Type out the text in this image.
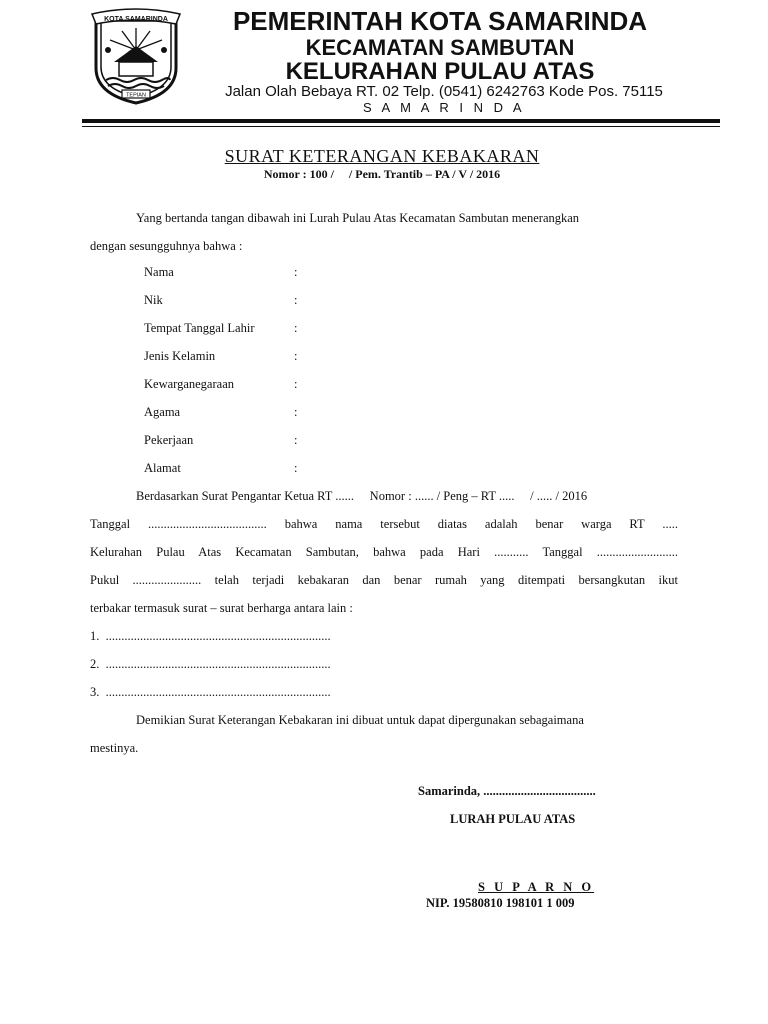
KOTA SAMARINDA
TEPIAN
PEMERINTAH KOTA SAMARINDA
KECAMATAN SAMBUTAN
KELURAHAN PULAU ATAS
Jalan Olah Bebaya RT. 02 Telp. (0541) 6242763 Kode Pos. 75115
S A M A R I N D A
SURAT KETERANGAN KEBAKARAN
Nomor : 100 /     / Pem. Trantib – PA / V / 2016
Yang bertanda tangan dibawah ini Lurah Pulau Atas Kecamatan Sambutan menerangkan
dengan sesungguhnya bahwa :
Nama	:
Nik	:
Tempat Tanggal Lahir	:
Jenis Kelamin	:
Kewarganegaraan	:
Agama	:
Pekerjaan	:
Alamat	:
Berdasarkan Surat Pengantar Ketua RT ......     Nomor : ...... / Peng – RT .....     / ..... / 2016
Tanggal ...................................... bahwa nama tersebut diatas adalah benar warga RT .....
Kelurahan Pulau Atas Kecamatan Sambutan, bahwa pada Hari ........... Tanggal ..........................
Pukul ...................... telah terjadi kebakaran dan benar rumah yang ditempati bersangkutan ikut
terbakar termasuk surat – surat berharga antara lain :
1.  ........................................................................
2.  ........................................................................
3.  ........................................................................
Demikian Surat Keterangan Kebakaran ini dibuat untuk dapat dipergunakan sebagaimana
mestinya.
Samarinda, ....................................
LURAH PULAU ATAS
S U P A R N O
NIP. 19580810 198101 1 009
